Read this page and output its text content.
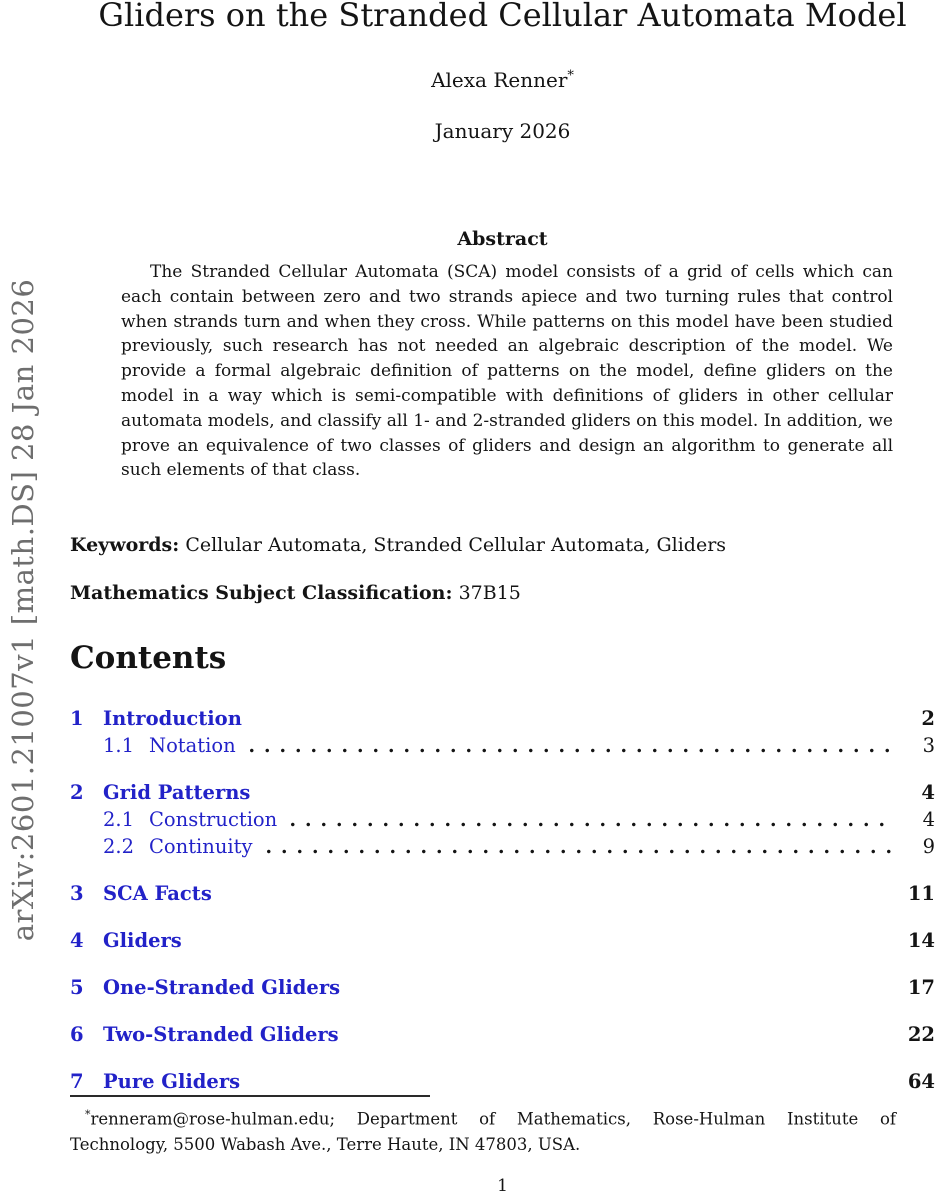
arXiv:2601.21007v1 [math.DS] 28 Jan 2026
Gliders on the Stranded Cellular Automata Model
Alexa Renner*
January 2026
Abstract

The Stranded Cellular Automata (SCA) model consists of a grid of cells which can each contain between zero and two strands apiece and two turning rules that control when strands turn and when they cross. While patterns on this model have been studied previously, such research has not needed an algebraic description of the model. We provide a formal algebraic definition of patterns on the model, define gliders on the model in a way which is semi-compatible with definitions of gliders in other cellular automata models, and classify all 1- and 2-stranded gliders on this model. In addition, we prove an equivalence of two classes of gliders and design an algorithm to generate all such elements of that class.

Keywords: Cellular Automata, Stranded Cellular Automata, Gliders

Mathematics Subject Classification: 37B15

Contents
1 Introduction	2
1.1 Notation	3
2 Grid Patterns	4
2.1 Construction	4
2.2 Continuity	9
3 SCA Facts	11
4 Gliders	14
5 One-Stranded Gliders	17
6 Two-Stranded Gliders	22
7 Pure Gliders	64

*renneram@rose-hulman.edu; Department of Mathematics, Rose-Hulman Institute of Technology, 5500 Wabash Ave., Terre Haute, IN 47803, USA.

1
